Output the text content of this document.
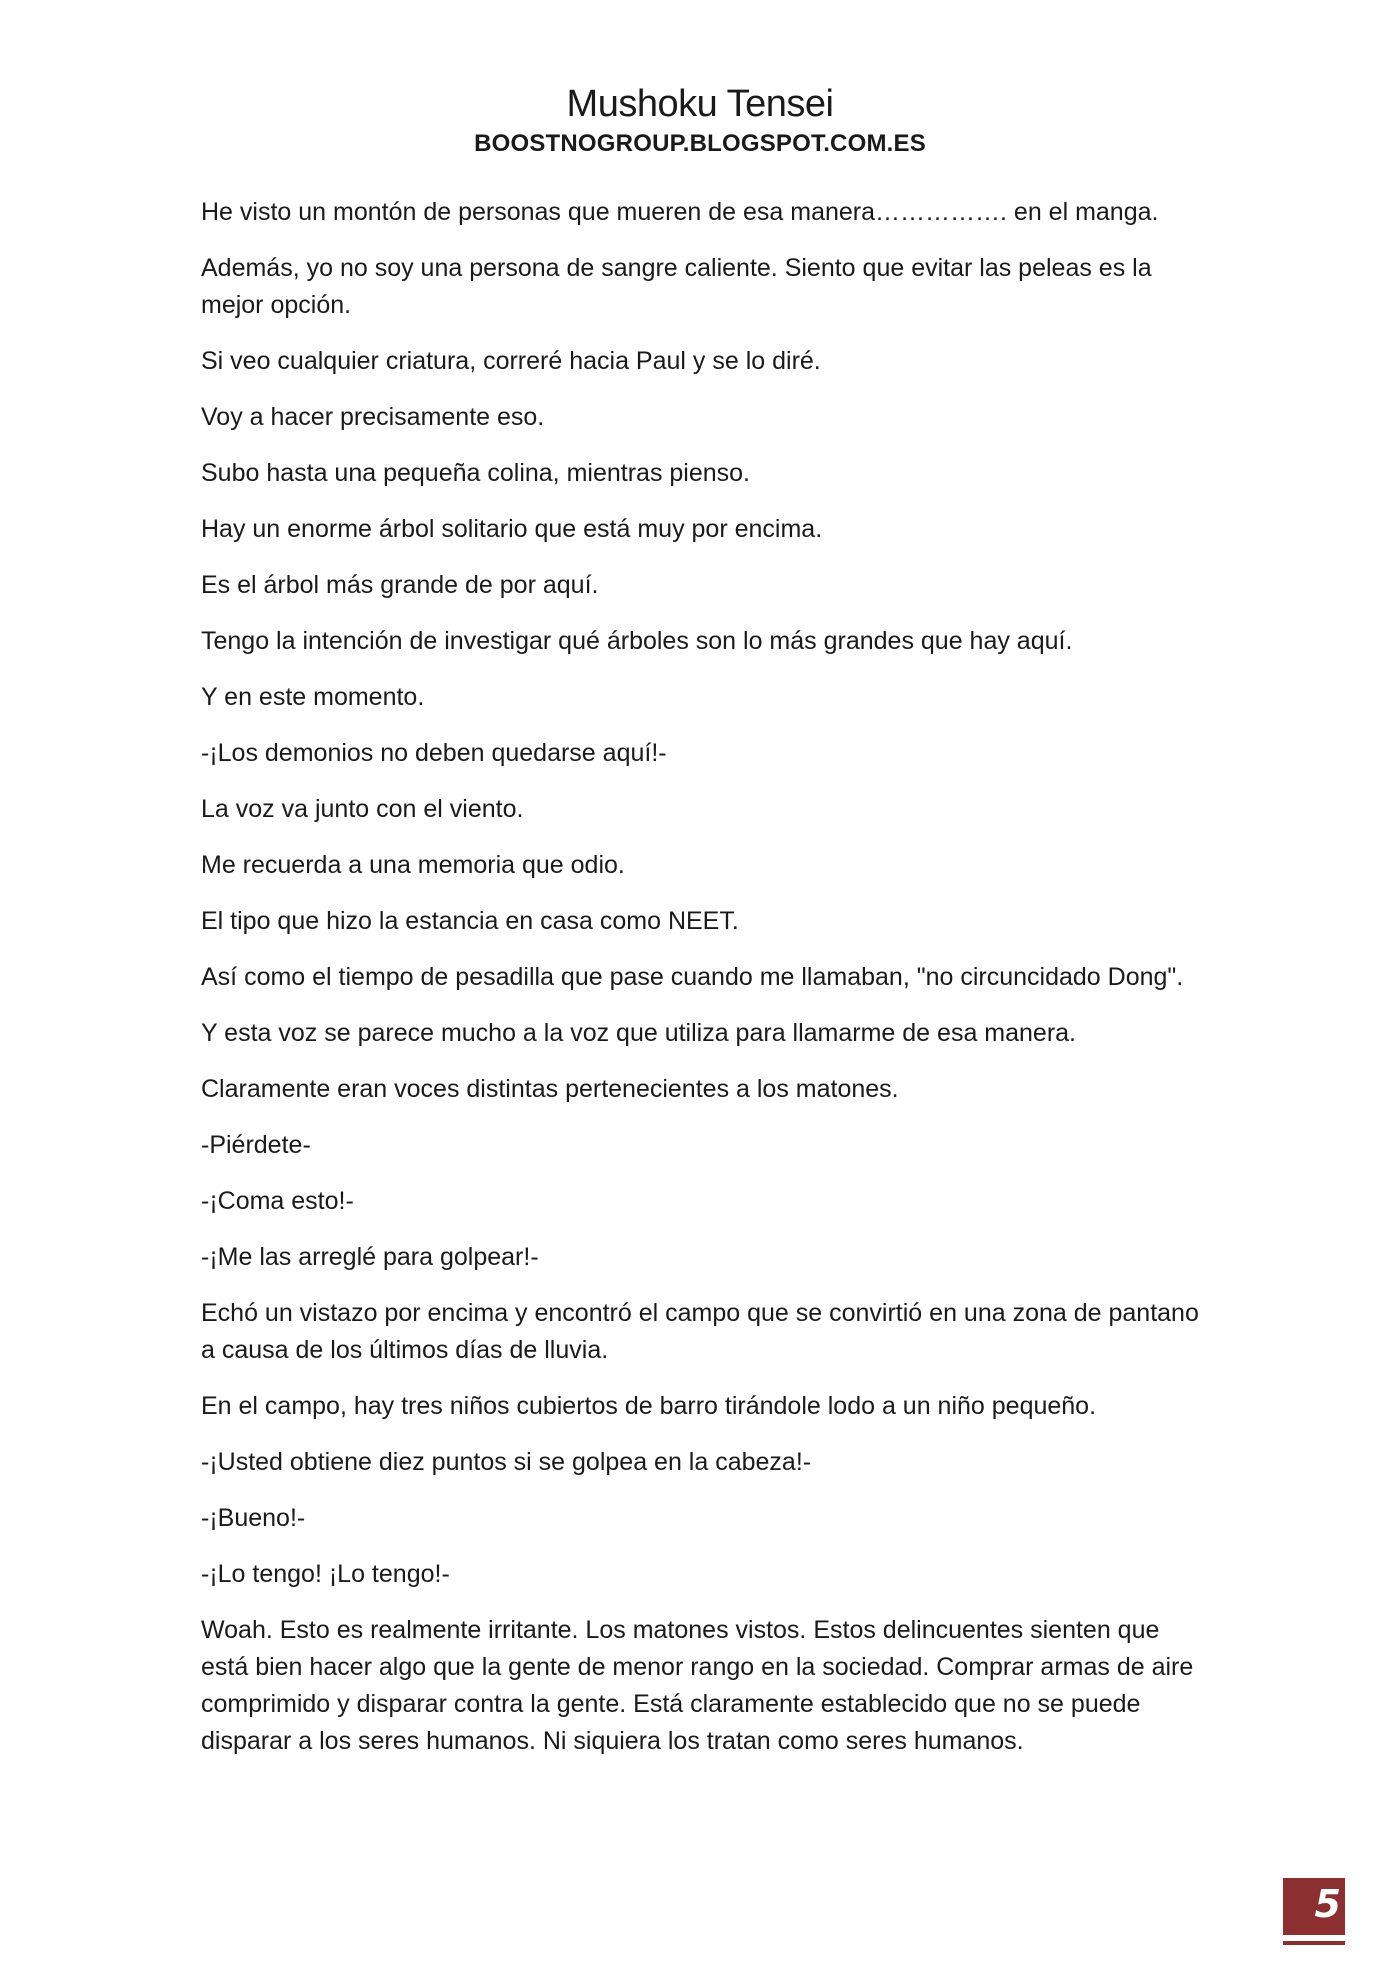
Mushoku Tensei
BOOSTNOGROUP.BLOGSPOT.COM.ES

He visto un montón de personas que mueren de esa manera……………. en el manga.

Además, yo no soy una persona de sangre caliente. Siento que evitar las peleas es la mejor opción.

Si veo cualquier criatura, correré hacia Paul y se lo diré.

Voy a hacer precisamente eso.

Subo hasta una pequeña colina, mientras pienso.

Hay un enorme árbol solitario que está muy por encima.

Es el árbol más grande de por aquí.

Tengo la intención de investigar qué árboles son lo más grandes que hay aquí.

Y en este momento.

-¡Los demonios no deben quedarse aquí!-

La voz va junto con el viento.

Me recuerda a una memoria que odio.

El tipo que hizo la estancia en casa como NEET.

Así como el tiempo de pesadilla que pase cuando me llamaban, "no circuncidado Dong".

Y esta voz se parece mucho a la voz que utiliza para llamarme de esa manera.

Claramente eran voces distintas pertenecientes a los matones.

-Piérdete-

-¡Coma esto!-

-¡Me las arreglé para golpear!-

Echó un vistazo por encima y encontró el campo que se convirtió en una zona de pantano a causa de los últimos días de lluvia.

En el campo, hay tres niños cubiertos de barro tirándole lodo a un niño pequeño.

-¡Usted obtiene diez puntos si se golpea en la cabeza!-

-¡Bueno!-

-¡Lo tengo! ¡Lo tengo!-

Woah. Esto es realmente irritante. Los matones vistos. Estos delincuentes sienten que está bien hacer algo que la gente de menor rango en la sociedad. Comprar armas de aire comprimido y disparar contra la gente. Está claramente establecido que no se puede disparar a los seres humanos. Ni siquiera los tratan como seres humanos.

5
